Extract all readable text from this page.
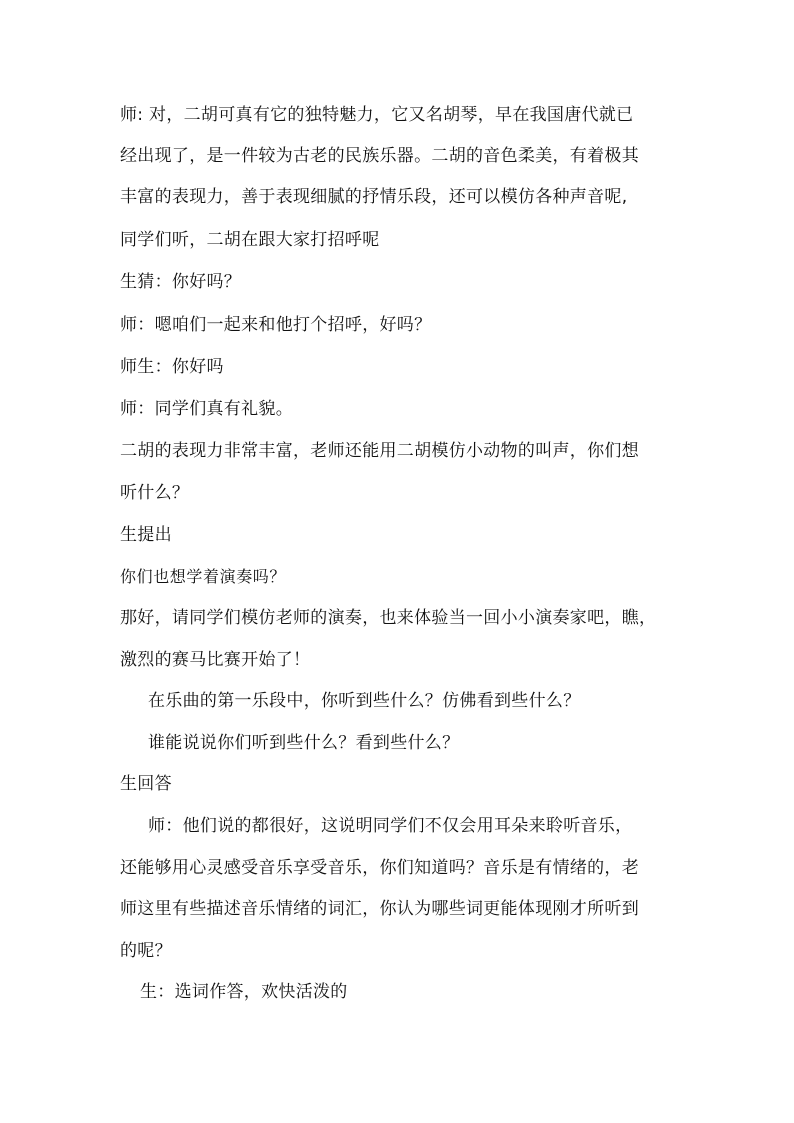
师: 对，二胡可真有它的独特魅力，它又名胡琴，早在我国唐代就已
经出现了，是一件较为古老的民族乐器。二胡的音色柔美，有着极其
丰富的表现力，善于表现细腻的抒情乐段，还可以模仿各种声音呢,
同学们听，二胡在跟大家打招呼呢
生猜：你好吗？
师：嗯咱们一起来和他打个招呼，好吗？
师生：你好吗
师：同学们真有礼貌。
二胡的表现力非常丰富，老师还能用二胡模仿小动物的叫声，你们想
听什么？
生提出
你们也想学着演奏吗？
那好，请同学们模仿老师的演奏，也来体验当一回小小演奏家吧，瞧，
激烈的赛马比赛开始了！
在乐曲的第一乐段中，你听到些什么？仿佛看到些什么？
谁能说说你们听到些什么？看到些什么？
生回答
师：他们说的都很好，这说明同学们不仅会用耳朵来聆听音乐，
还能够用心灵感受音乐享受音乐，你们知道吗？音乐是有情绪的，老
师这里有些描述音乐情绪的词汇，你认为哪些词更能体现刚才所听到
的呢？
生：选词作答，欢快活泼的
